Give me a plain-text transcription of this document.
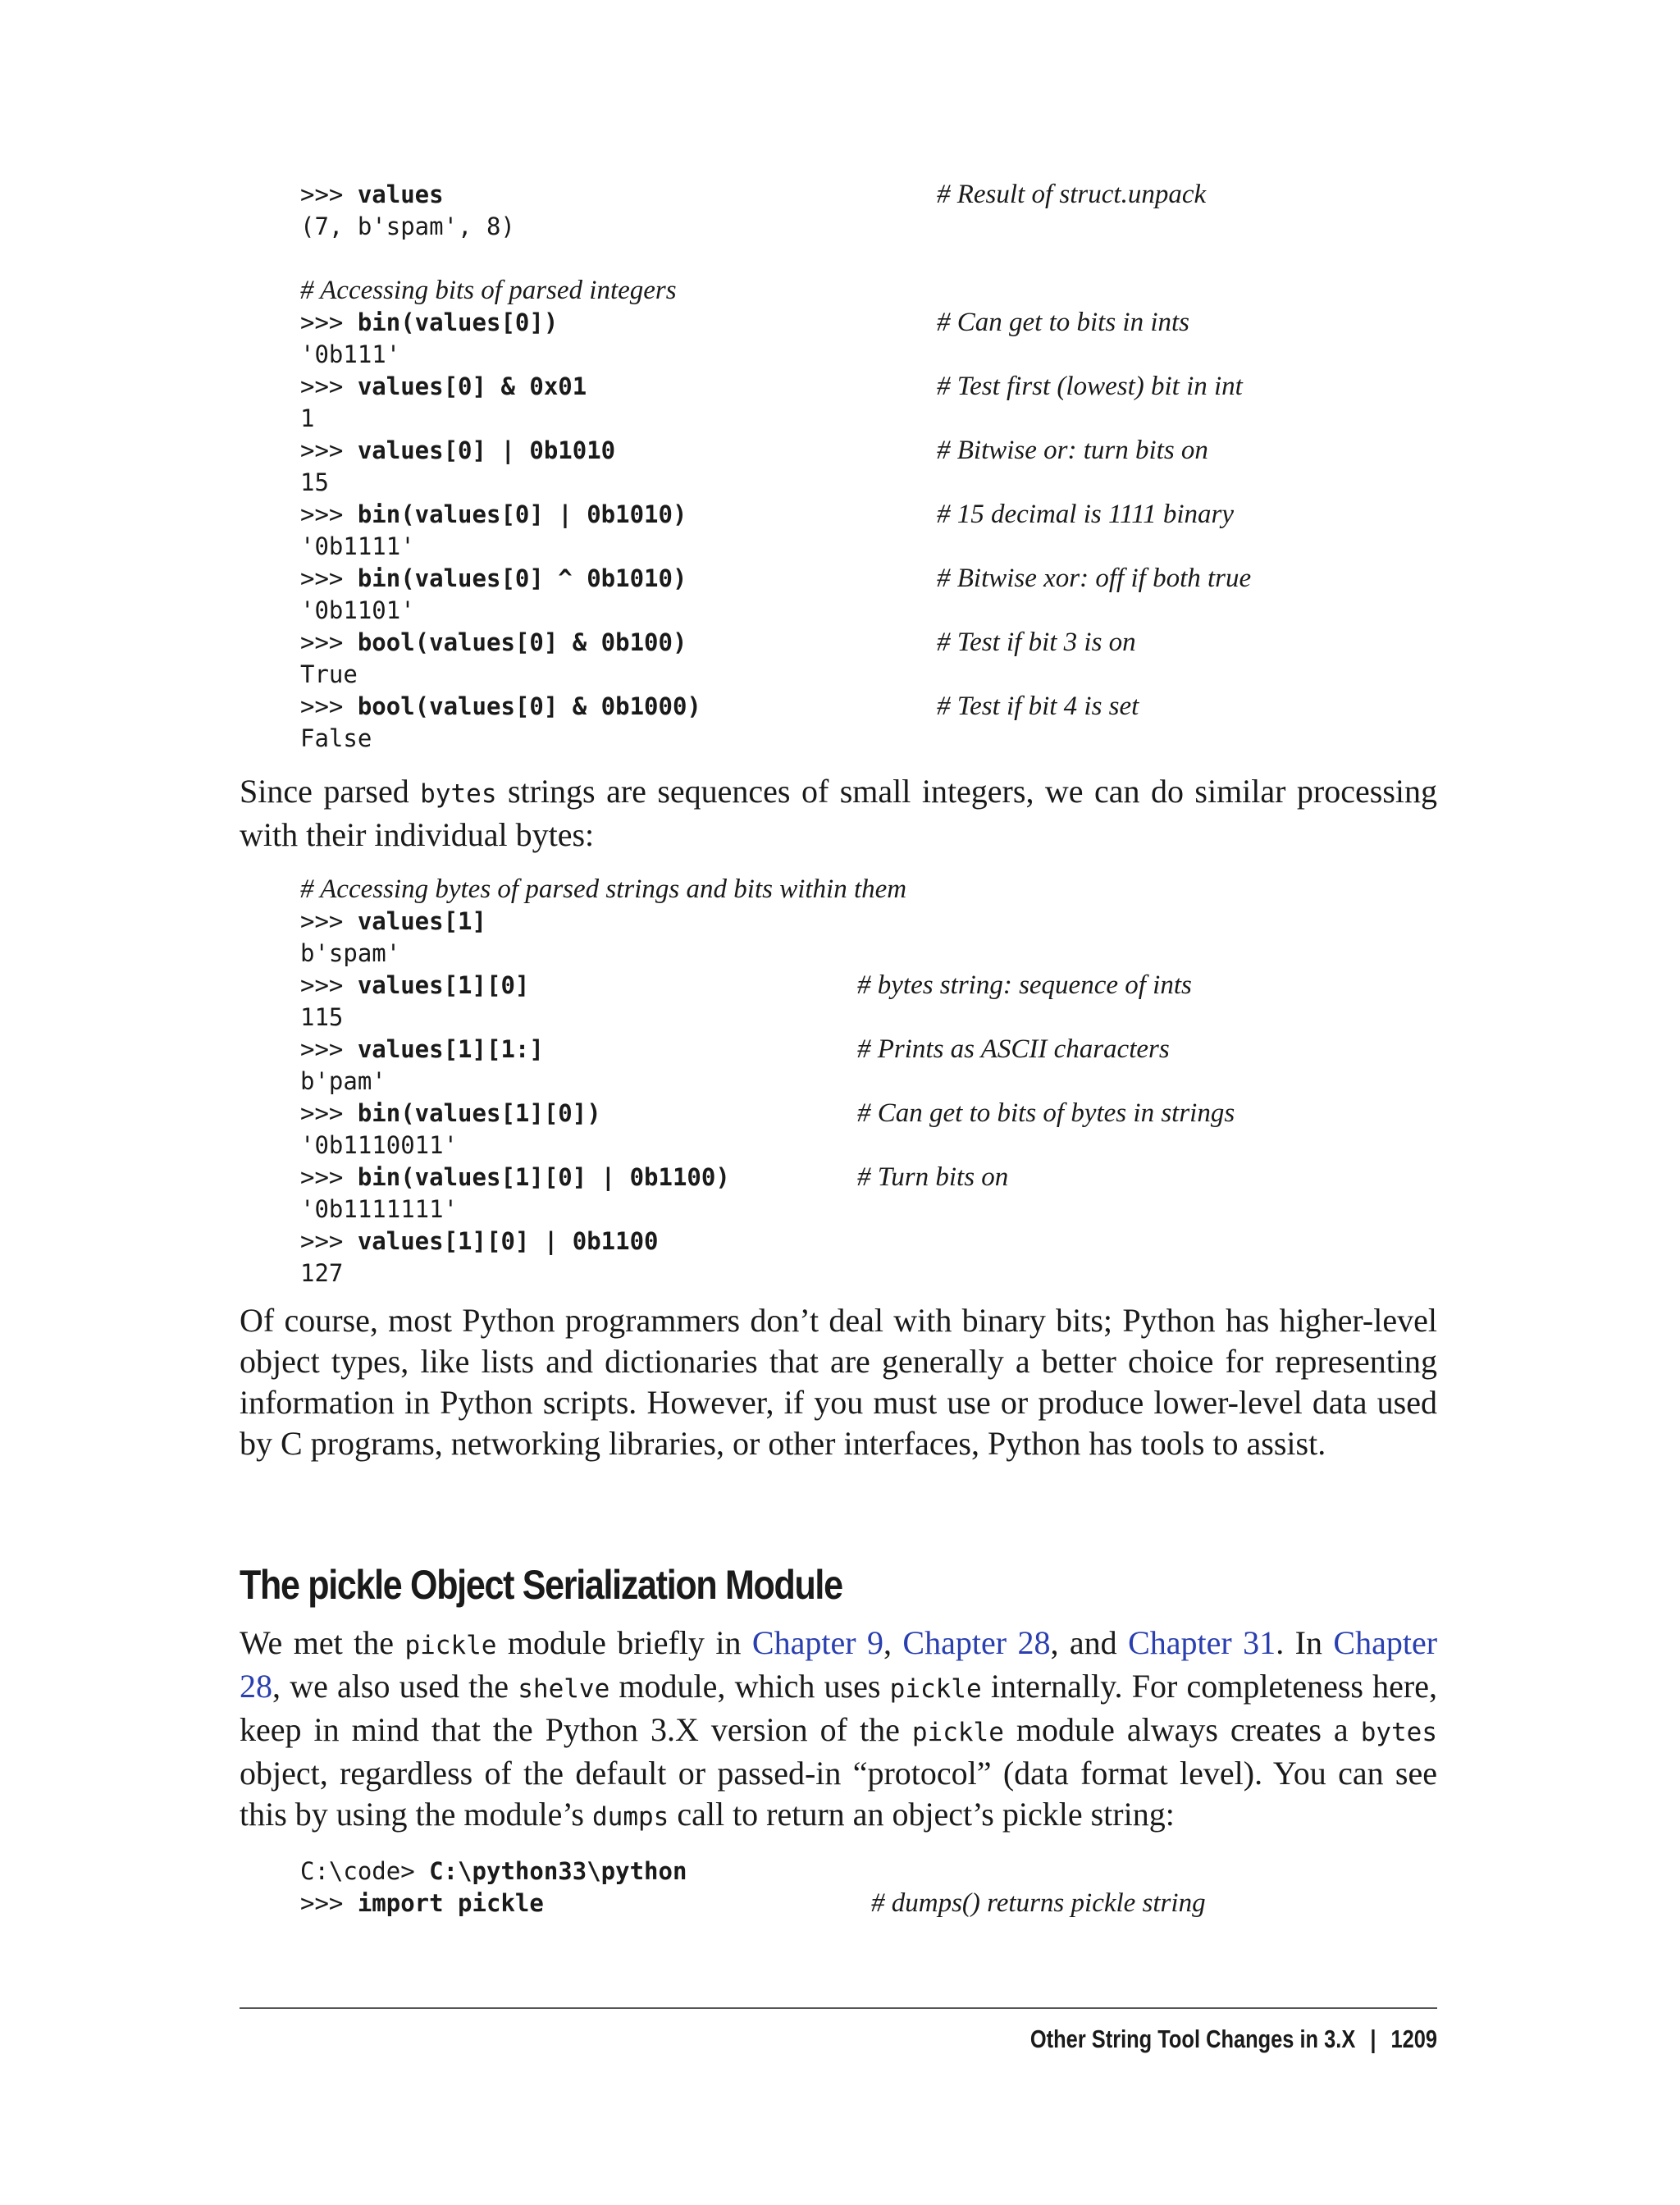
>>> values	# Result of struct.unpack
(7, b'spam', 8)
# Accessing bits of parsed integers
>>> bin(values[0])	# Can get to bits in ints
'0b111'
>>> values[0] & 0x01	# Test first (lowest) bit in int
1
>>> values[0] | 0b1010	# Bitwise or: turn bits on
15
>>> bin(values[0] | 0b1010)	# 15 decimal is 1111 binary
'0b1111'
>>> bin(values[0] ^ 0b1010)	# Bitwise xor: off if both true
'0b1101'
>>> bool(values[0] & 0b100)	# Test if bit 3 is on
True
>>> bool(values[0] & 0b1000)	# Test if bit 4 is set
False

Since parsed bytes strings are sequences of small integers, we can do similar processing with their individual bytes:

# Accessing bytes of parsed strings and bits within them
>>> values[1]
b'spam'
>>> values[1][0]	# bytes string: sequence of ints
115
>>> values[1][1:]	# Prints as ASCII characters
b'pam'
>>> bin(values[1][0])	# Can get to bits of bytes in strings
'0b1110011'
>>> bin(values[1][0] | 0b1100)	# Turn bits on
'0b1111111'
>>> values[1][0] | 0b1100
127

Of course, most Python programmers don’t deal with binary bits; Python has higher-level object types, like lists and dictionaries that are generally a better choice for representing information in Python scripts. However, if you must use or produce lower-level data used by C programs, networking libraries, or other interfaces, Python has tools to assist.

The pickle Object Serialization Module

We met the pickle module briefly in Chapter 9, Chapter 28, and Chapter 31. In Chapter 28, we also used the shelve module, which uses pickle internally. For completeness here, keep in mind that the Python 3.X version of the pickle module always creates a bytes object, regardless of the default or passed-in “protocol” (data format level). You can see this by using the module’s dumps call to return an object’s pickle string:

C:\code> C:\python33\python
>>> import pickle	# dumps() returns pickle string
Other String Tool Changes in 3.X | 1209
